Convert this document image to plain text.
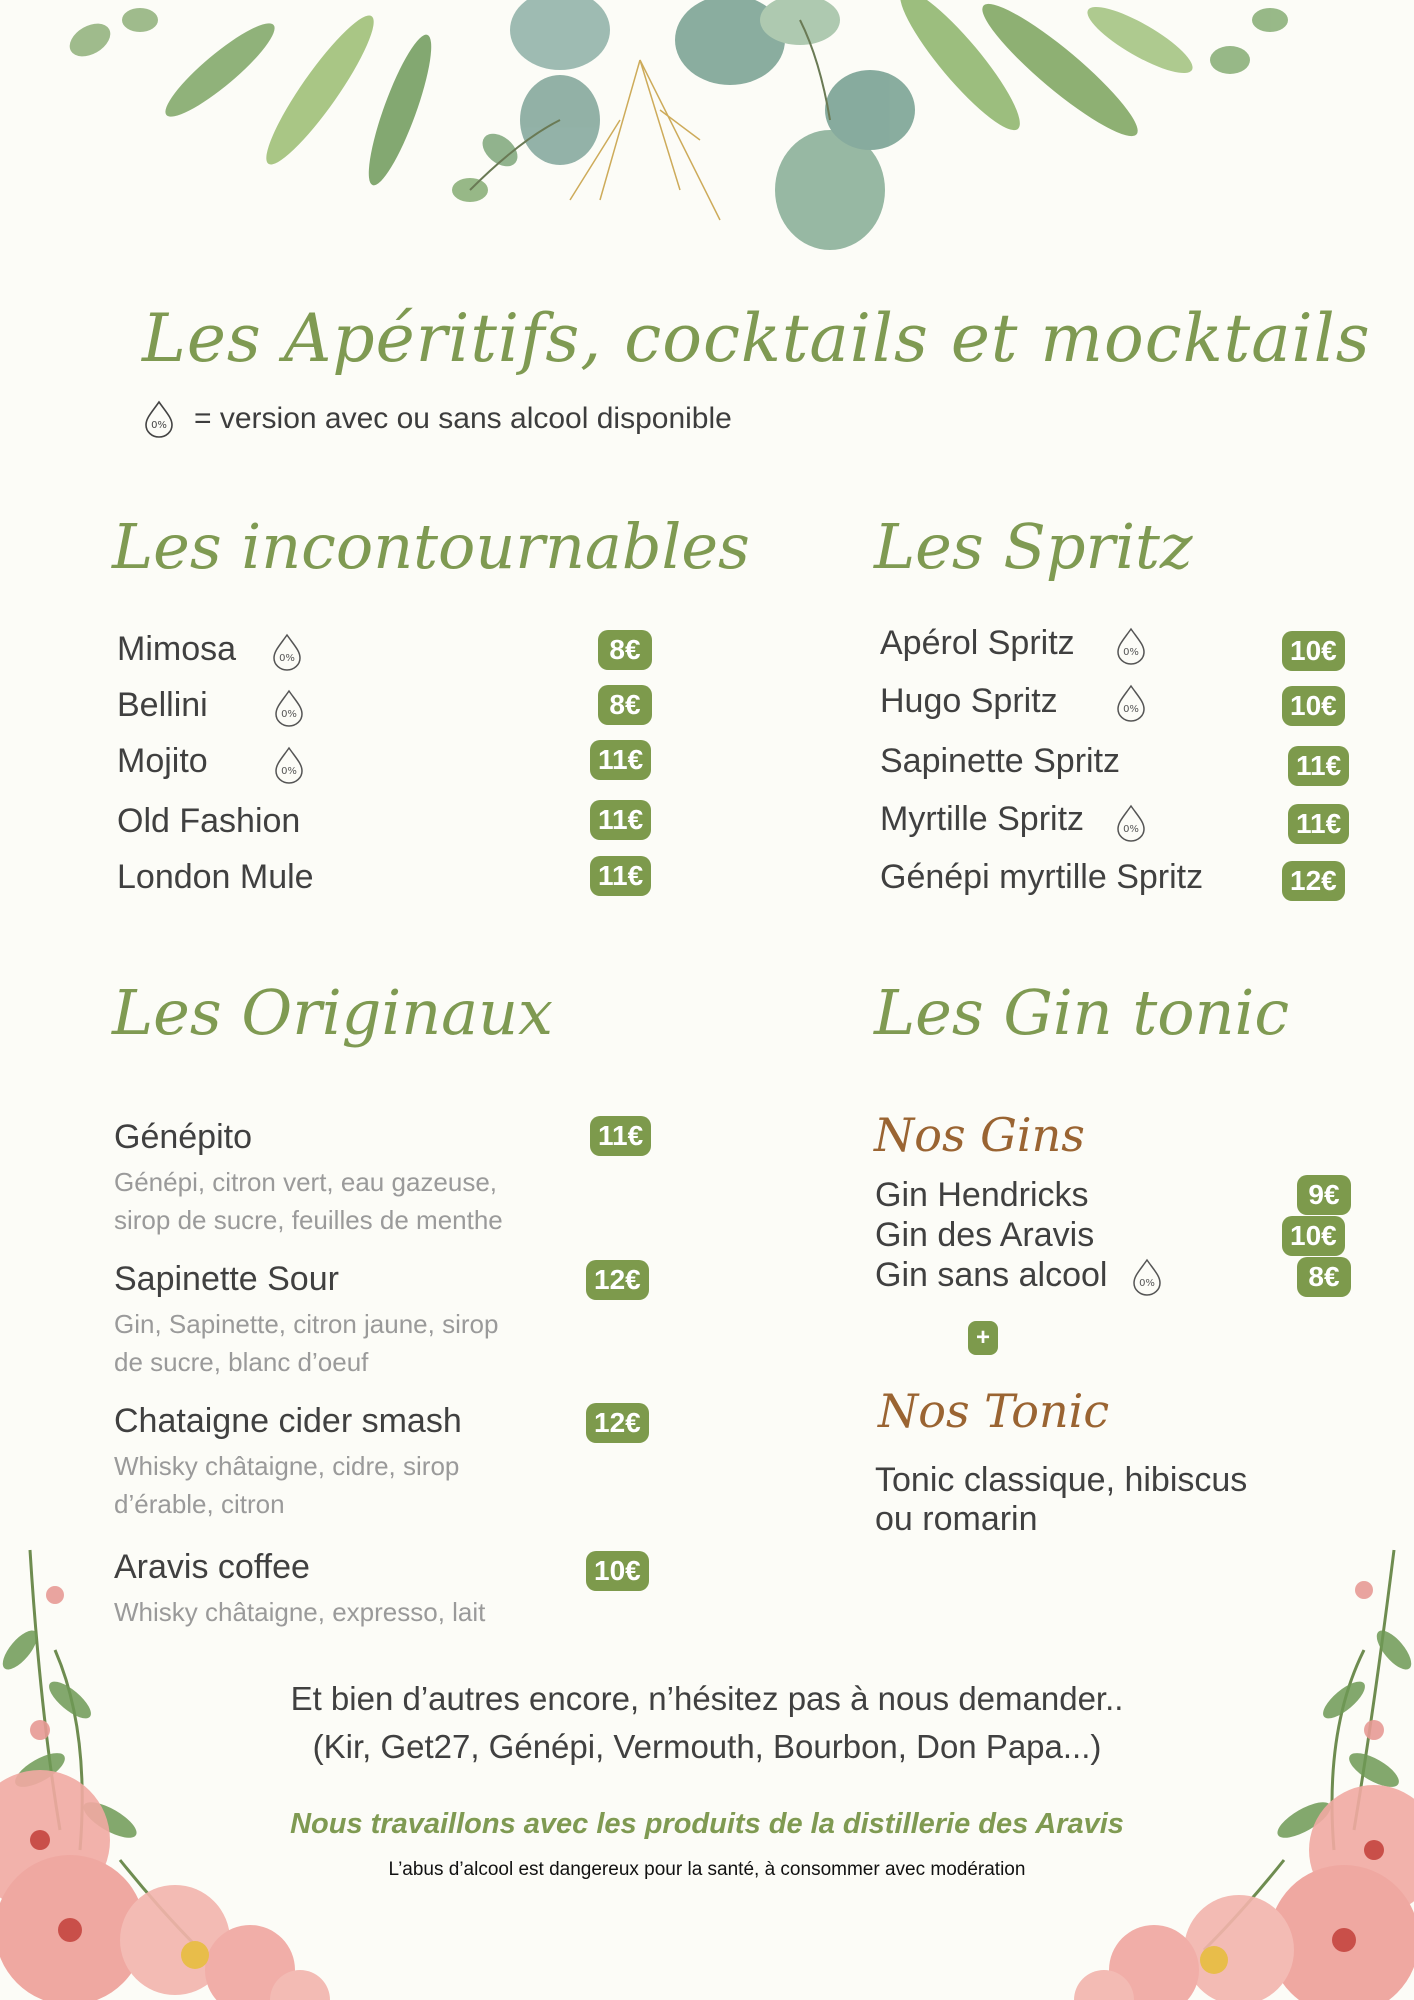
Les Apéritifs, cocktails et mocktails
0% = version avec ou sans alcool disponible
Les incontournables
Mimosa	0%	8€
Bellini	0%	8€
Mojito	0%	11€
Old Fashion	11€
London Mule	11€
Les Spritz
Apérol Spritz	0%	10€
Hugo Spritz	0%	10€
Sapinette Spritz	11€
Myrtille Spritz	0%	11€
Génépi myrtille Spritz	12€
Les Originaux
Génépito	11€
Génépi, citron vert, eau gazeuse,
sirop de sucre, feuilles de menthe
Sapinette Sour	12€
Gin, Sapinette, citron jaune, sirop
de sucre, blanc d’oeuf
Chataigne cider smash	12€
Whisky châtaigne, cidre, sirop
d’érable, citron
Aravis coffee	10€
Whisky châtaigne, expresso, lait
Les Gin tonic
Nos Gins
Gin Hendricks	9€
Gin des Aravis	10€
Gin sans alcool	0%	8€
+
Nos Tonic
Tonic classique, hibiscus
ou romarin
Et bien d’autres encore, n’hésitez pas à nous demander..
(Kir, Get27, Génépi, Vermouth, Bourbon, Don Papa...)
Nous travaillons avec les produits de la distillerie des Aravis
L’abus d’alcool est dangereux pour la santé, à consommer avec modération
